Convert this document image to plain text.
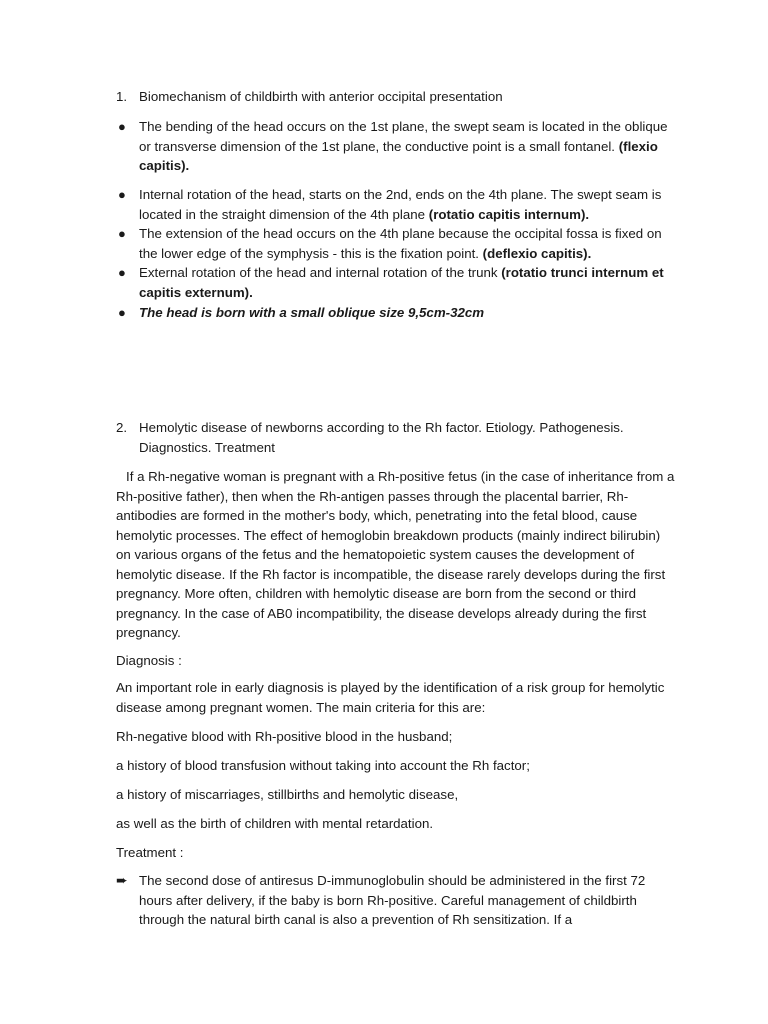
1. Biomechanism of childbirth with anterior occipital presentation
● The bending of the head occurs on the 1st plane, the swept seam is located in the oblique or transverse dimension of the 1st plane, the conductive point is a small fontanel. (flexio capitis).
● Internal rotation of the head, starts on the 2nd, ends on the 4th plane. The swept seam is located in the straight dimension of the 4th plane (rotatio capitis internum).
● The extension of the head occurs on the 4th plane because the occipital fossa is fixed on the lower edge of the symphysis - this is the fixation point. (deflexio capitis).
● External rotation of the head and internal rotation of the trunk (rotatio trunci internum et capitis externum).
● The head is born with a small oblique size 9,5cm-32cm
2. Hemolytic disease of newborns according to the Rh factor. Etiology. Pathogenesis. Diagnostics. Treatment
If a Rh-negative woman is pregnant with a Rh-positive fetus (in the case of inheritance from a Rh-positive father), then when the Rh-antigen passes through the placental barrier, Rh-antibodies are formed in the mother's body, which, penetrating into the fetal blood, cause hemolytic processes. The effect of hemoglobin breakdown products (mainly indirect bilirubin) on various organs of the fetus and the hematopoietic system causes the development of hemolytic disease. If the Rh factor is incompatible, the disease rarely develops during the first pregnancy. More often, children with hemolytic disease are born from the second or third pregnancy. In the case of AB0 incompatibility, the disease develops already during the first pregnancy.
Diagnosis :
An important role in early diagnosis is played by the identification of a risk group for hemolytic disease among pregnant women. The main criteria for this are:
Rh-negative blood with Rh-positive blood in the husband;
a history of blood transfusion without taking into account the Rh factor;
a history of miscarriages, stillbirths and hemolytic disease,
as well as the birth of children with mental retardation.
Treatment :
➨ The second dose of antiresus D-immunoglobulin should be administered in the first 72 hours after delivery, if the baby is born Rh-positive. Careful management of childbirth through the natural birth canal is also a prevention of Rh sensitization. If a
